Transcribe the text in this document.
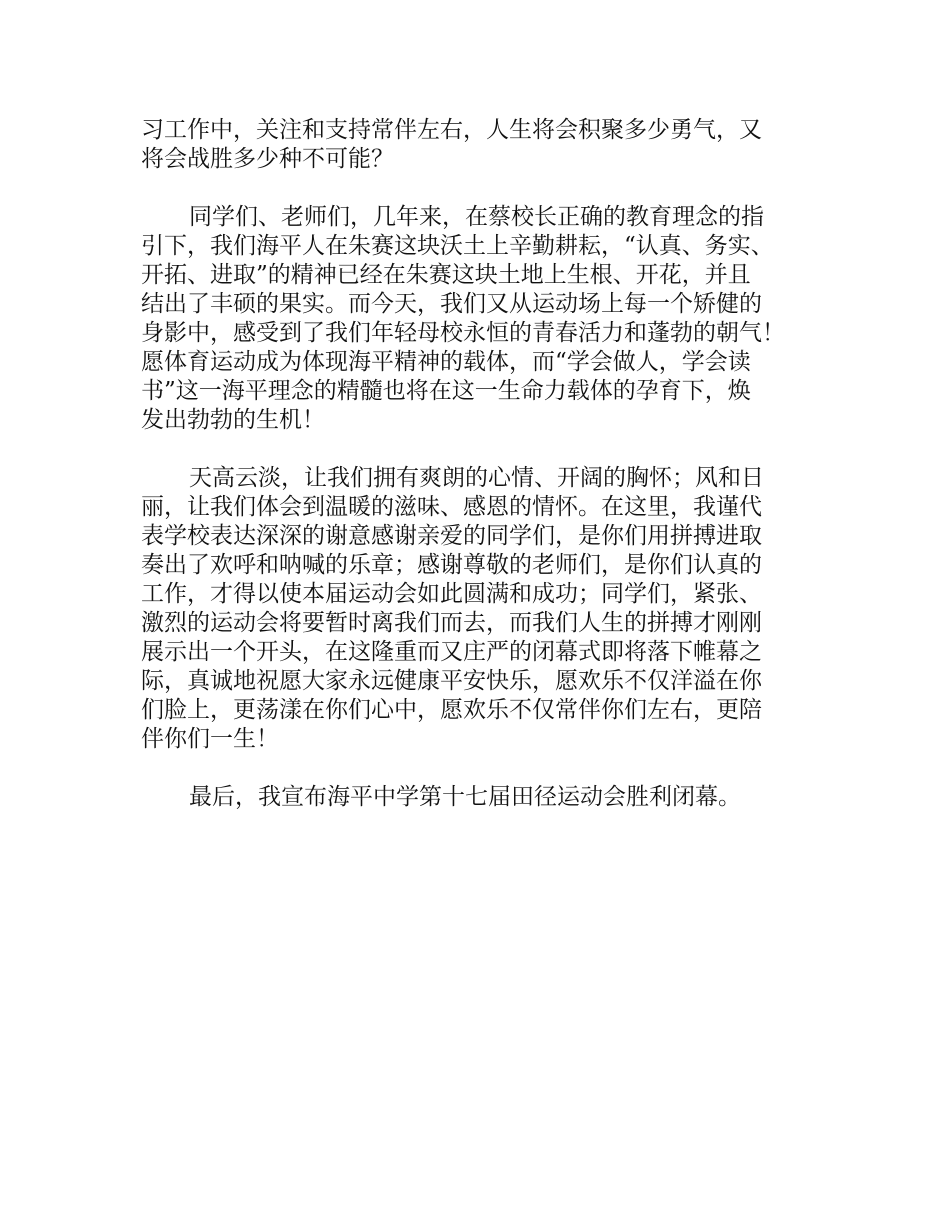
习工作中，关注和支持常伴左右，人生将会积聚多少勇气，又
将会战胜多少种不可能？

同学们、老师们，几年来，在蔡校长正确的教育理念的指
引下，我们海平人在朱赛这块沃土上辛勤耕耘，“认真、务实、
开拓、进取”的精神已经在朱赛这块土地上生根、开花，并且
结出了丰硕的果实。而今天，我们又从运动场上每一个矫健的
身影中，感受到了我们年轻母校永恒的青春活力和蓬勃的朝气！
愿体育运动成为体现海平精神的载体，而“学会做人，学会读
书”这一海平理念的精髓也将在这一生命力载体的孕育下，焕
发出勃勃的生机！

天高云淡，让我们拥有爽朗的心情、开阔的胸怀；风和日
丽，让我们体会到温暖的滋味、感恩的情怀。在这里，我谨代
表学校表达深深的谢意感谢亲爱的同学们，是你们用拼搏进取
奏出了欢呼和呐喊的乐章；感谢尊敬的老师们，是你们认真的
工作，才得以使本届运动会如此圆满和成功；同学们，紧张、
激烈的运动会将要暂时离我们而去，而我们人生的拼搏才刚刚
展示出一个开头，在这隆重而又庄严的闭幕式即将落下帷幕之
际，真诚地祝愿大家永远健康平安快乐，愿欢乐不仅洋溢在你
们脸上，更荡漾在你们心中，愿欢乐不仅常伴你们左右，更陪
伴你们一生！

最后，我宣布海平中学第十七届田径运动会胜利闭幕。
